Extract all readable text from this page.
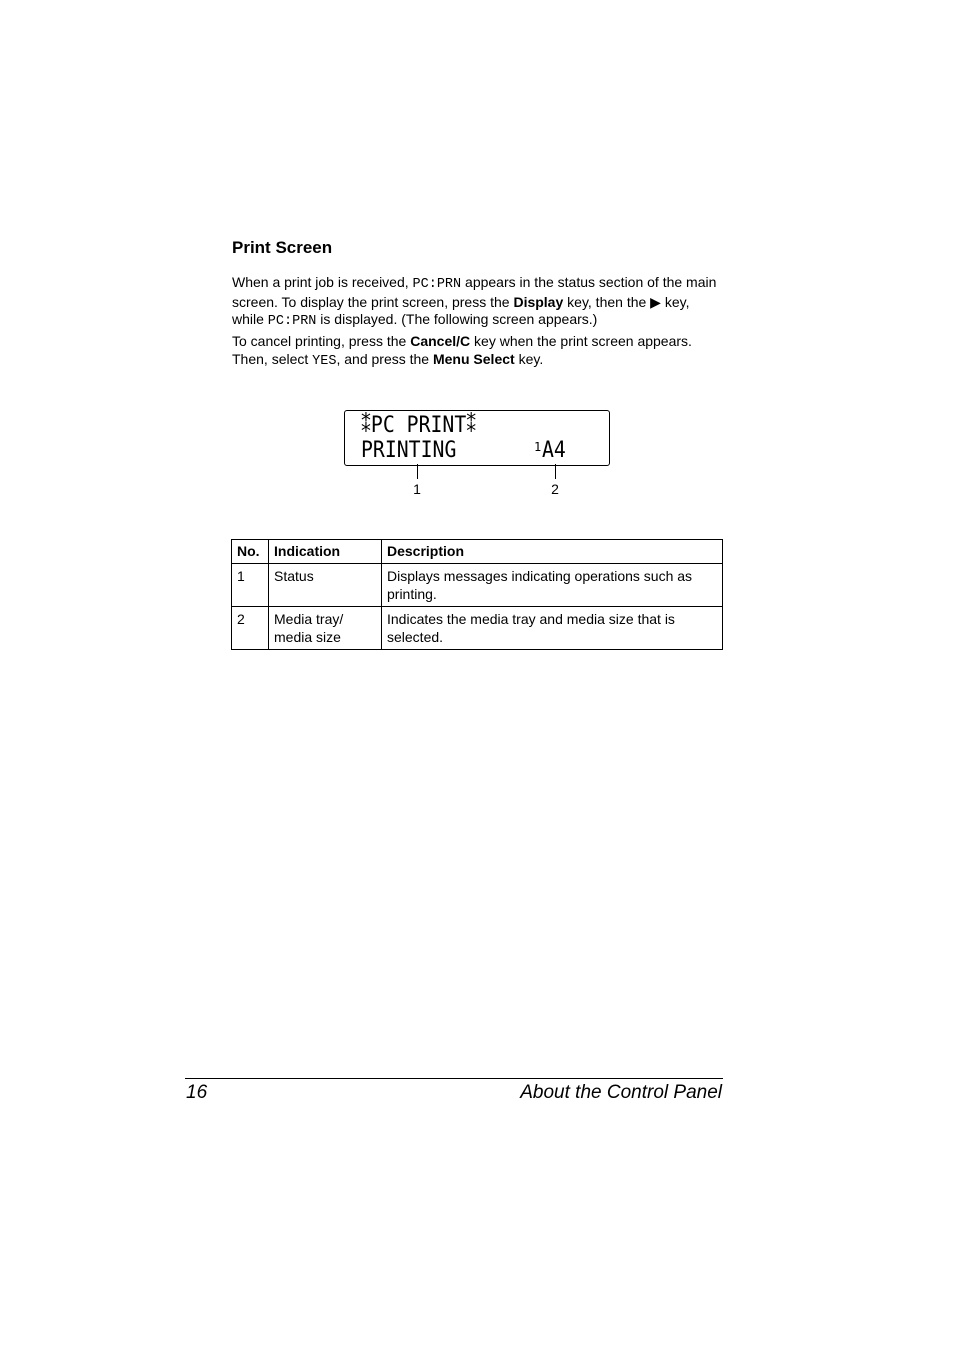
Print Screen
When a print job is received, PC:PRN appears in the status section of the main screen. To display the print screen, press the Display key, then the ▶ key, while PC:PRN is displayed. (The following screen appears.)
To cancel printing, press the Cancel/C key when the print screen appears. Then, select YES, and press the Menu Select key.
⁑PC PRINT⁑
PRINTING	1 A4
1	2
No.	Indication	Description
1	Status	Displays messages indicating operations such as printing.
2	Media tray/ media size	Indicates the media tray and media size that is selected.
16	About the Control Panel
